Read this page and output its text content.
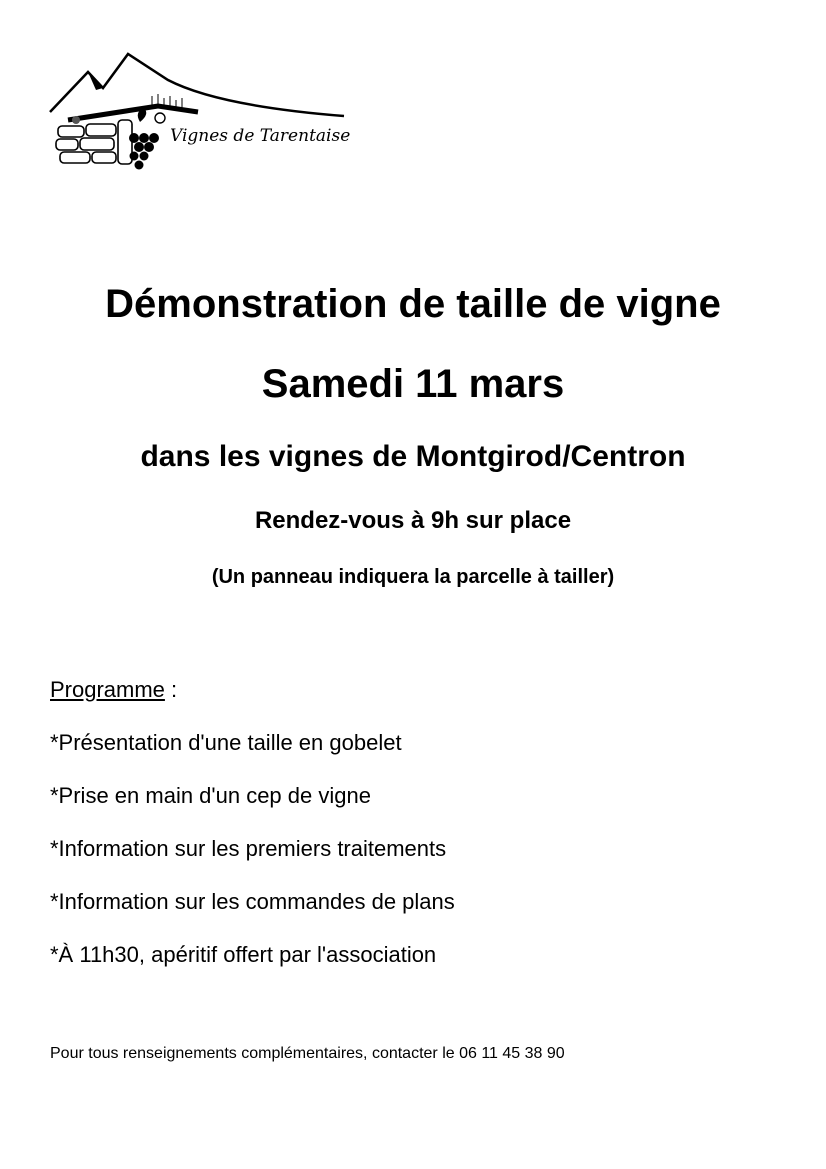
Vignes de Tarentaise
Démonstration de taille de vigne
Samedi 11 mars
dans les vignes de Montgirod/Centron
Rendez-vous à 9h sur place
(Un panneau indiquera la parcelle à tailler)
Programme :
*Présentation d'une taille en gobelet
*Prise en main d'un cep de vigne
*Information sur les premiers traitements
*Information sur les commandes de plans
*À 11h30, apéritif offert par l'association
Pour tous renseignements complémentaires, contacter le 06 11 45 38 90
